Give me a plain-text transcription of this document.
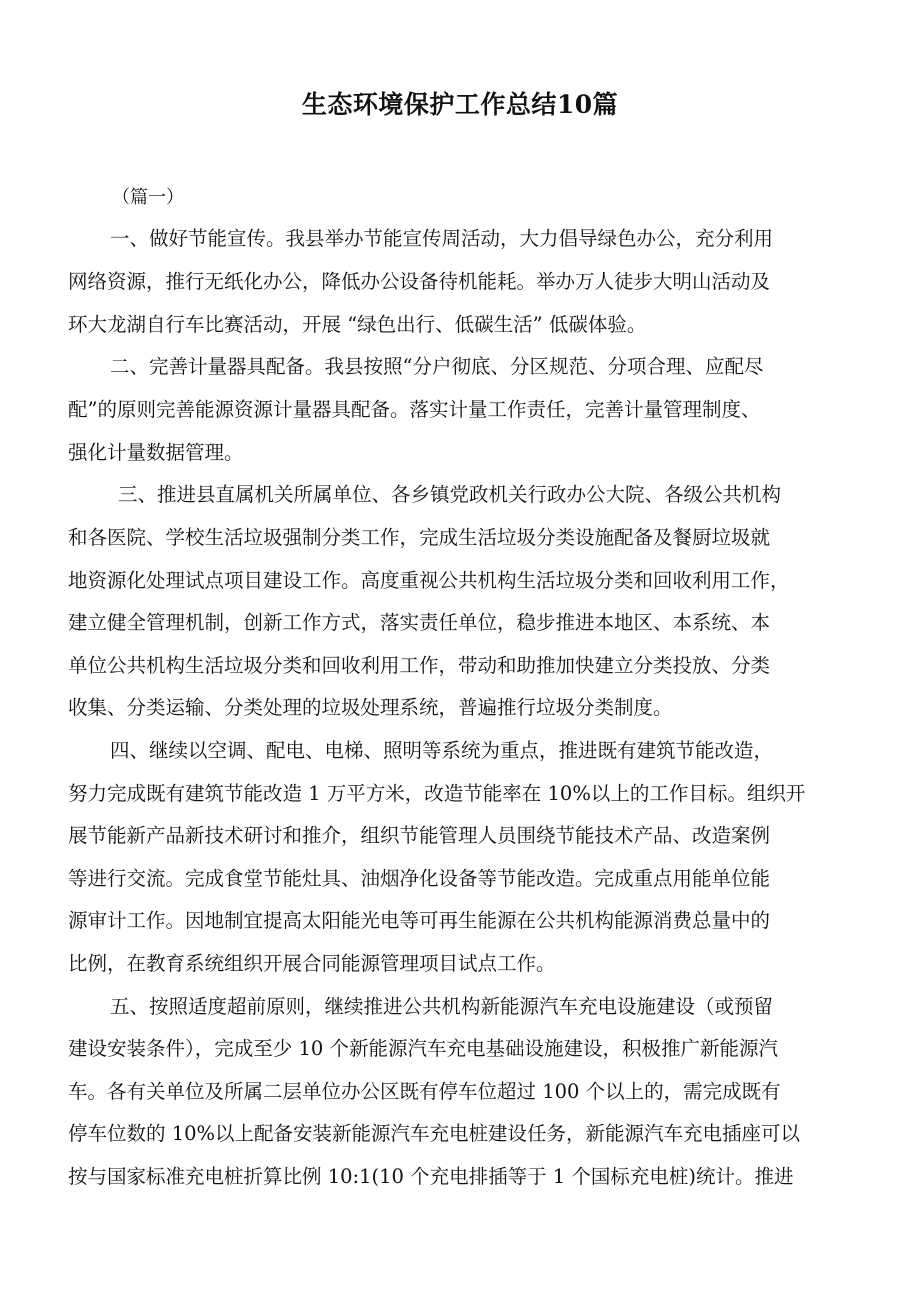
生态环境保护工作总结10篇
（篇一）
一、做好节能宣传。我县举办节能宣传周活动，大力倡导绿色办公，充分利用
网络资源，推行无纸化办公，降低办公设备待机能耗。举办万人徒步大明山活动及
环大龙湖自行车比赛活动，开展 “绿色出行、低碳生活” 低碳体验。
二、完善计量器具配备。我县按照“分户彻底、分区规范、分项合理、应配尽
配”的原则完善能源资源计量器具配备。落实计量工作责任，完善计量管理制度、
强化计量数据管理。
三、推进县直属机关所属单位、各乡镇党政机关行政办公大院、各级公共机构
和各医院、学校生活垃圾强制分类工作，完成生活垃圾分类设施配备及餐厨垃圾就
地资源化处理试点项目建设工作。高度重视公共机构生活垃圾分类和回收利用工作，
建立健全管理机制，创新工作方式，落实责任单位，稳步推进本地区、本系统、本
单位公共机构生活垃圾分类和回收利用工作，带动和助推加快建立分类投放、分类
收集、分类运输、分类处理的垃圾处理系统，普遍推行垃圾分类制度。
四、继续以空调、配电、电梯、照明等系统为重点，推进既有建筑节能改造，
努力完成既有建筑节能改造 1 万平方米，改造节能率在 10%以上的工作目标。组织开
展节能新产品新技术研讨和推介，组织节能管理人员围绕节能技术产品、改造案例
等进行交流。完成食堂节能灶具、油烟净化设备等节能改造。完成重点用能单位能
源审计工作。因地制宜提高太阳能光电等可再生能源在公共机构能源消费总量中的
比例，在教育系统组织开展合同能源管理项目试点工作。
五、按照适度超前原则，继续推进公共机构新能源汽车充电设施建设（或预留
建设安装条件），完成至少 10 个新能源汽车充电基础设施建设，积极推广新能源汽
车。各有关单位及所属二层单位办公区既有停车位超过 100 个以上的，需完成既有
停车位数的 10%以上配备安装新能源汽车充电桩建设任务，新能源汽车充电插座可以
按与国家标准充电桩折算比例 10:1(10 个充电排插等于 1 个国标充电桩)统计。推进
